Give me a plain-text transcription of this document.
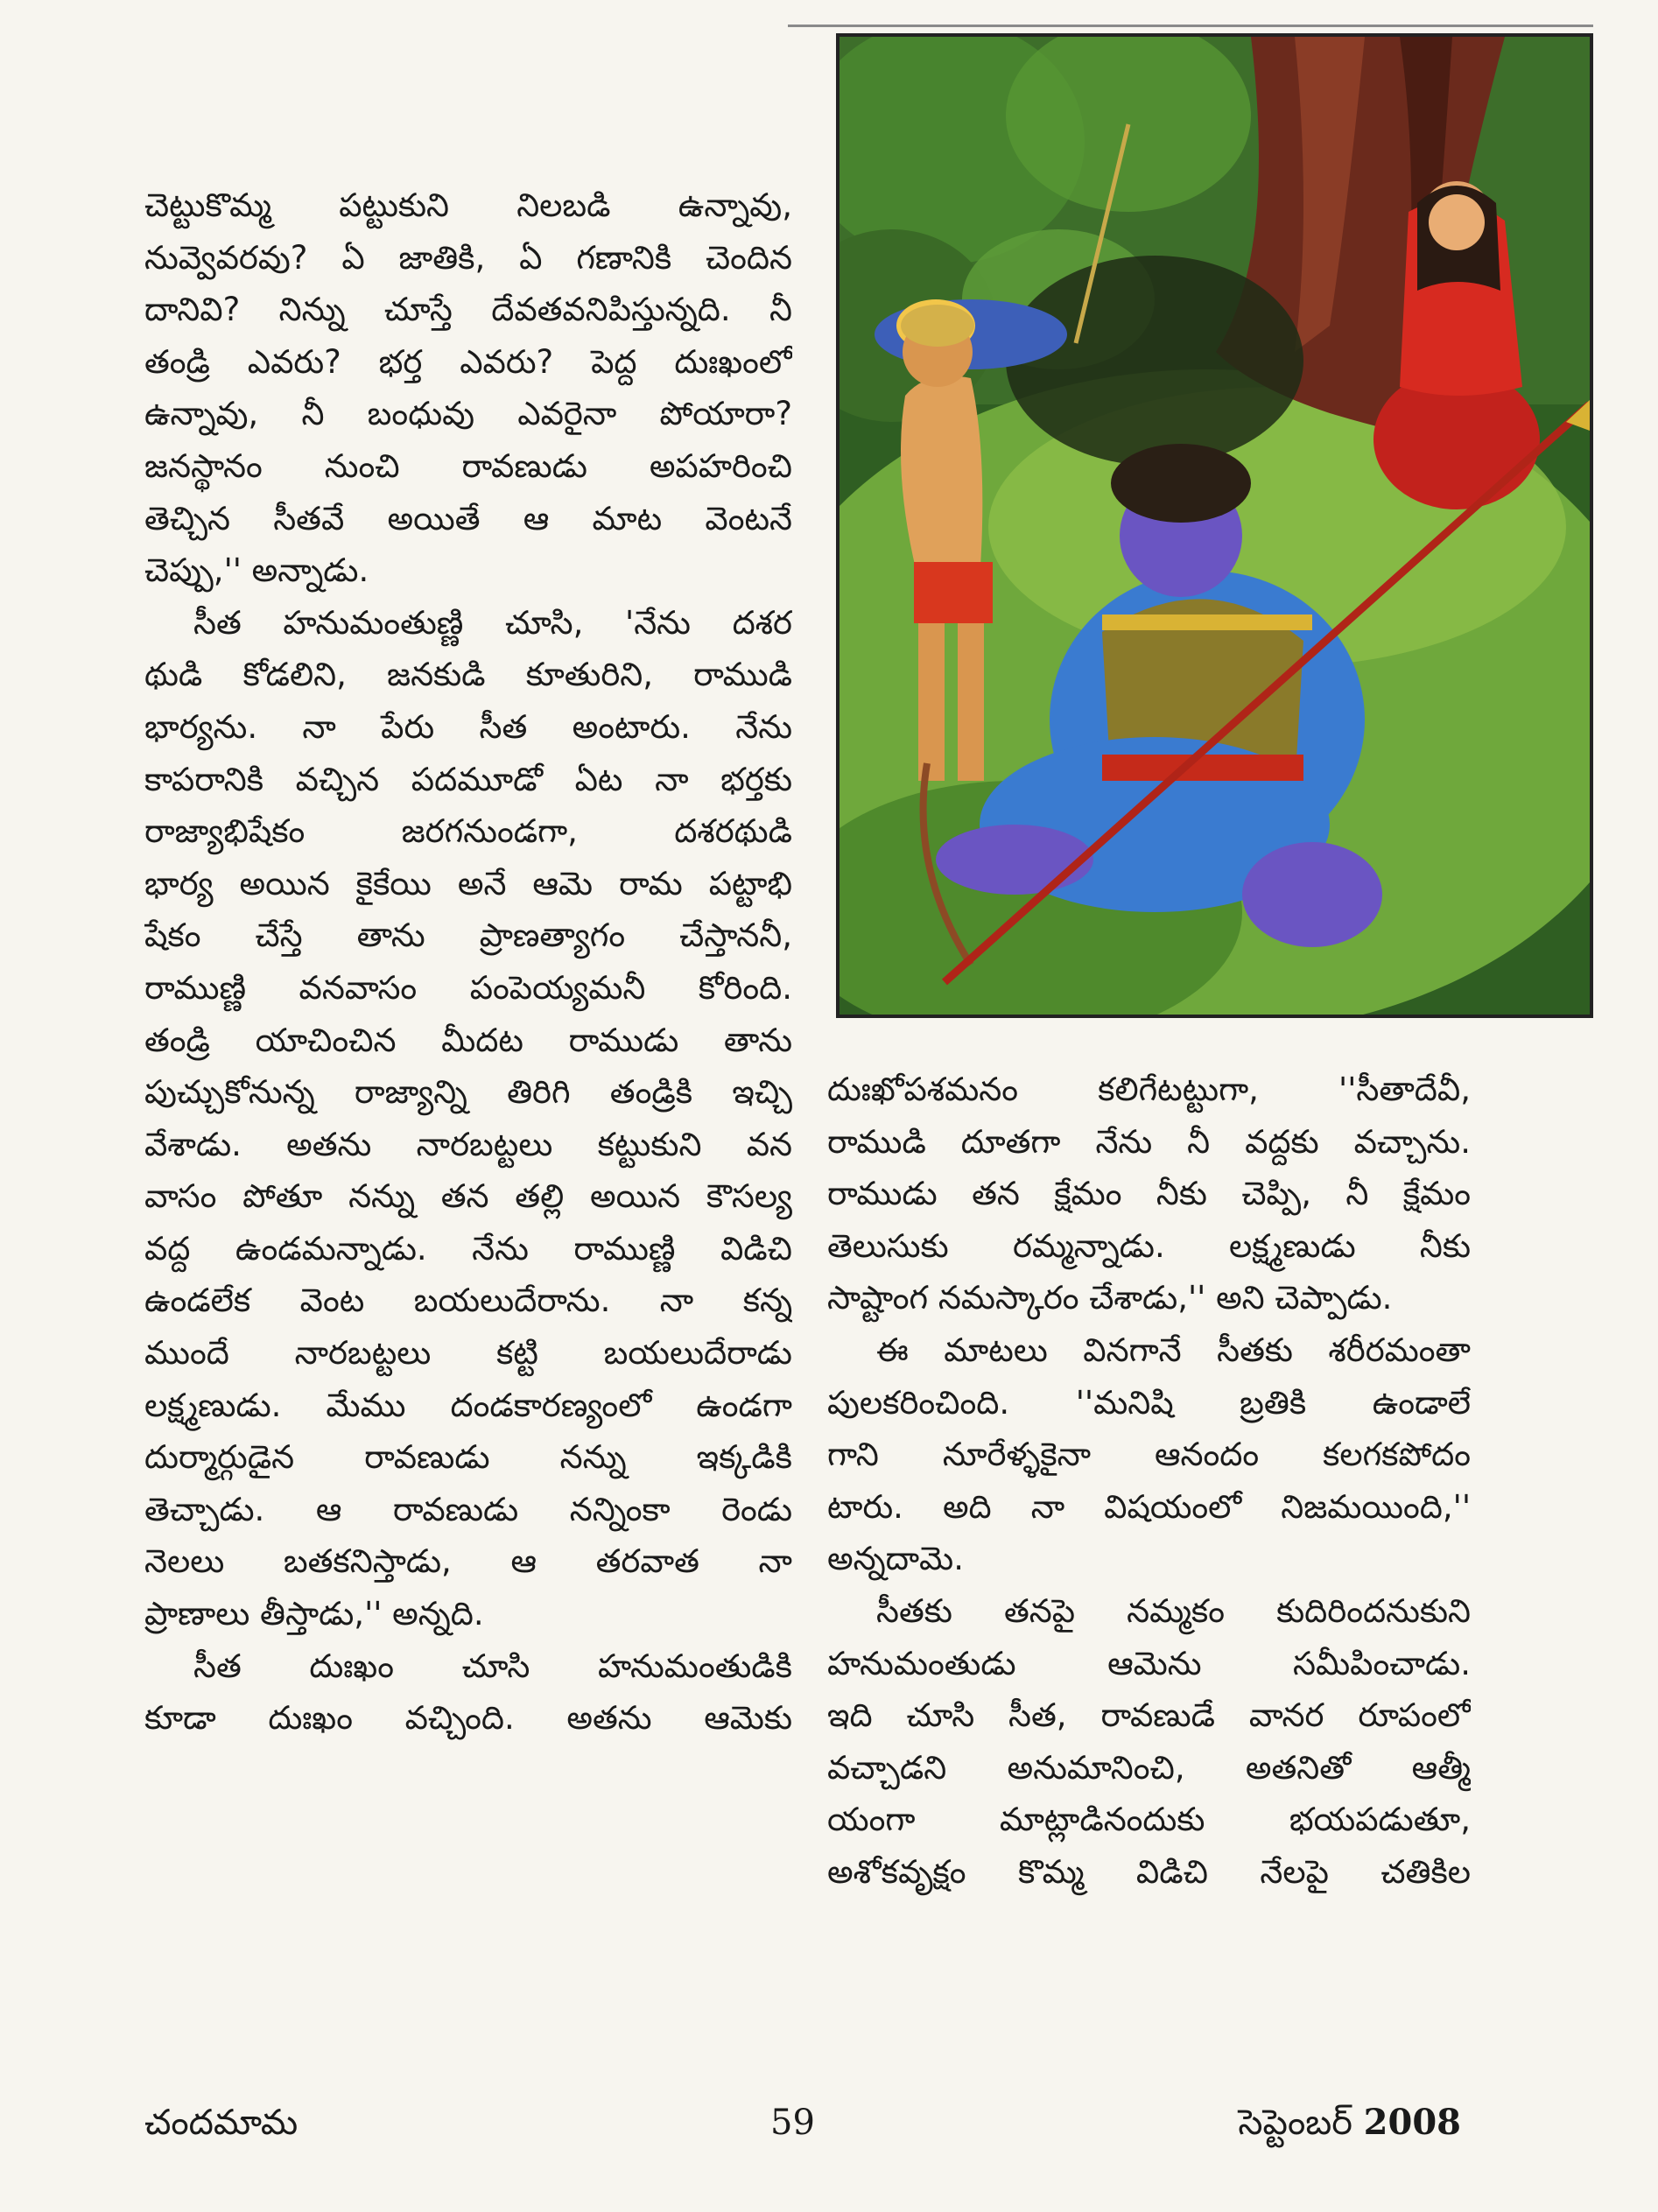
చెట్టుకొమ్మ పట్టుకుని నిలబడి ఉన్నావు,
నువ్వెవరవు? ఏ జాతికి, ఏ గణానికి చెందిన
దానివి? నిన్ను చూస్తే దేవతవనిపిస్తున్నది. నీ
తండ్రి ఎవరు? భర్త ఎవరు? పెద్ద దుఃఖంలో
ఉన్నావు, నీ బంధువు ఎవరైనా పోయారా?
జనస్థానం నుంచి రావణుడు అపహరించి
తెచ్చిన సీతవే అయితే ఆ మాట వెంటనే
చెప్పు,'' అన్నాడు.
సీత హనుమంతుణ్ణి చూసి, 'నేను దశర
థుడి కోడలిని, జనకుడి కూతురిని, రాముడి
భార్యను. నా పేరు సీత అంటారు. నేను
కాపరానికి వచ్చిన పదమూడో ఏట నా భర్తకు
రాజ్యాభిషేకం జరగనుండగా, దశరథుడి
భార్య అయిన కైకేయి అనే ఆమె రామ పట్టాభి
షేకం చేస్తే తాను ప్రాణత్యాగం చేస్తాననీ,
రాముణ్ణి వనవాసం పంపెయ్యమనీ కోరింది.
తండ్రి యాచించిన మీదట రాముడు తాను
పుచ్చుకోనున్న రాజ్యాన్ని తిరిగి తండ్రికి ఇచ్చి
వేశాడు. అతను నారబట్టలు కట్టుకుని వన
వాసం పోతూ నన్ను తన తల్లి అయిన కౌసల్య
వద్ద ఉండమన్నాడు. నేను రాముణ్ణి విడిచి
ఉండలేక వెంట బయలుదేరాను. నా కన్న
ముందే నారబట్టలు కట్టి బయలుదేరాడు
లక్ష్మణుడు. మేము దండకారణ్యంలో ఉండగా
దుర్మార్గుడైన రావణుడు నన్ను ఇక్కడికి
తెచ్చాడు. ఆ రావణుడు నన్నింకా రెండు
నెలలు బతకనిస్తాడు, ఆ తరవాత నా
ప్రాణాలు తీస్తాడు,'' అన్నది.
సీత దుఃఖం చూసి హనుమంతుడికి
కూడా దుఃఖం వచ్చింది. అతను ఆమెకు
దుఃఖోపశమనం కలిగేటట్టుగా, ''సీతాదేవీ,
రాముడి దూతగా నేను నీ వద్దకు వచ్చాను.
రాముడు తన క్షేమం నీకు చెప్పి, నీ క్షేమం
తెలుసుకు రమ్మన్నాడు. లక్ష్మణుడు నీకు
సాష్టాంగ నమస్కారం చేశాడు,'' అని చెప్పాడు.
ఈ మాటలు వినగానే సీతకు శరీరమంతా
పులకరించింది. ''మనిషి బ్రతికి ఉండాలే
గాని నూరేళ్ళకైనా ఆనందం కలగకపోదం
టారు. అది నా విషయంలో నిజమయింది,''
అన్నదామె.
సీతకు తనపై నమ్మకం కుదిరిందనుకుని
హనుమంతుడు ఆమెను సమీపించాడు.
ఇది చూసి సీత, రావణుడే వానర రూపంలో
వచ్చాడని అనుమానించి, అతనితో ఆత్మీ
యంగా మాట్లాడినందుకు భయపడుతూ,
అశోకవృక్షం కొమ్మ విడిచి నేలపై చతికిల
చందమామ	59	సెప్టెంబర్ 2008
